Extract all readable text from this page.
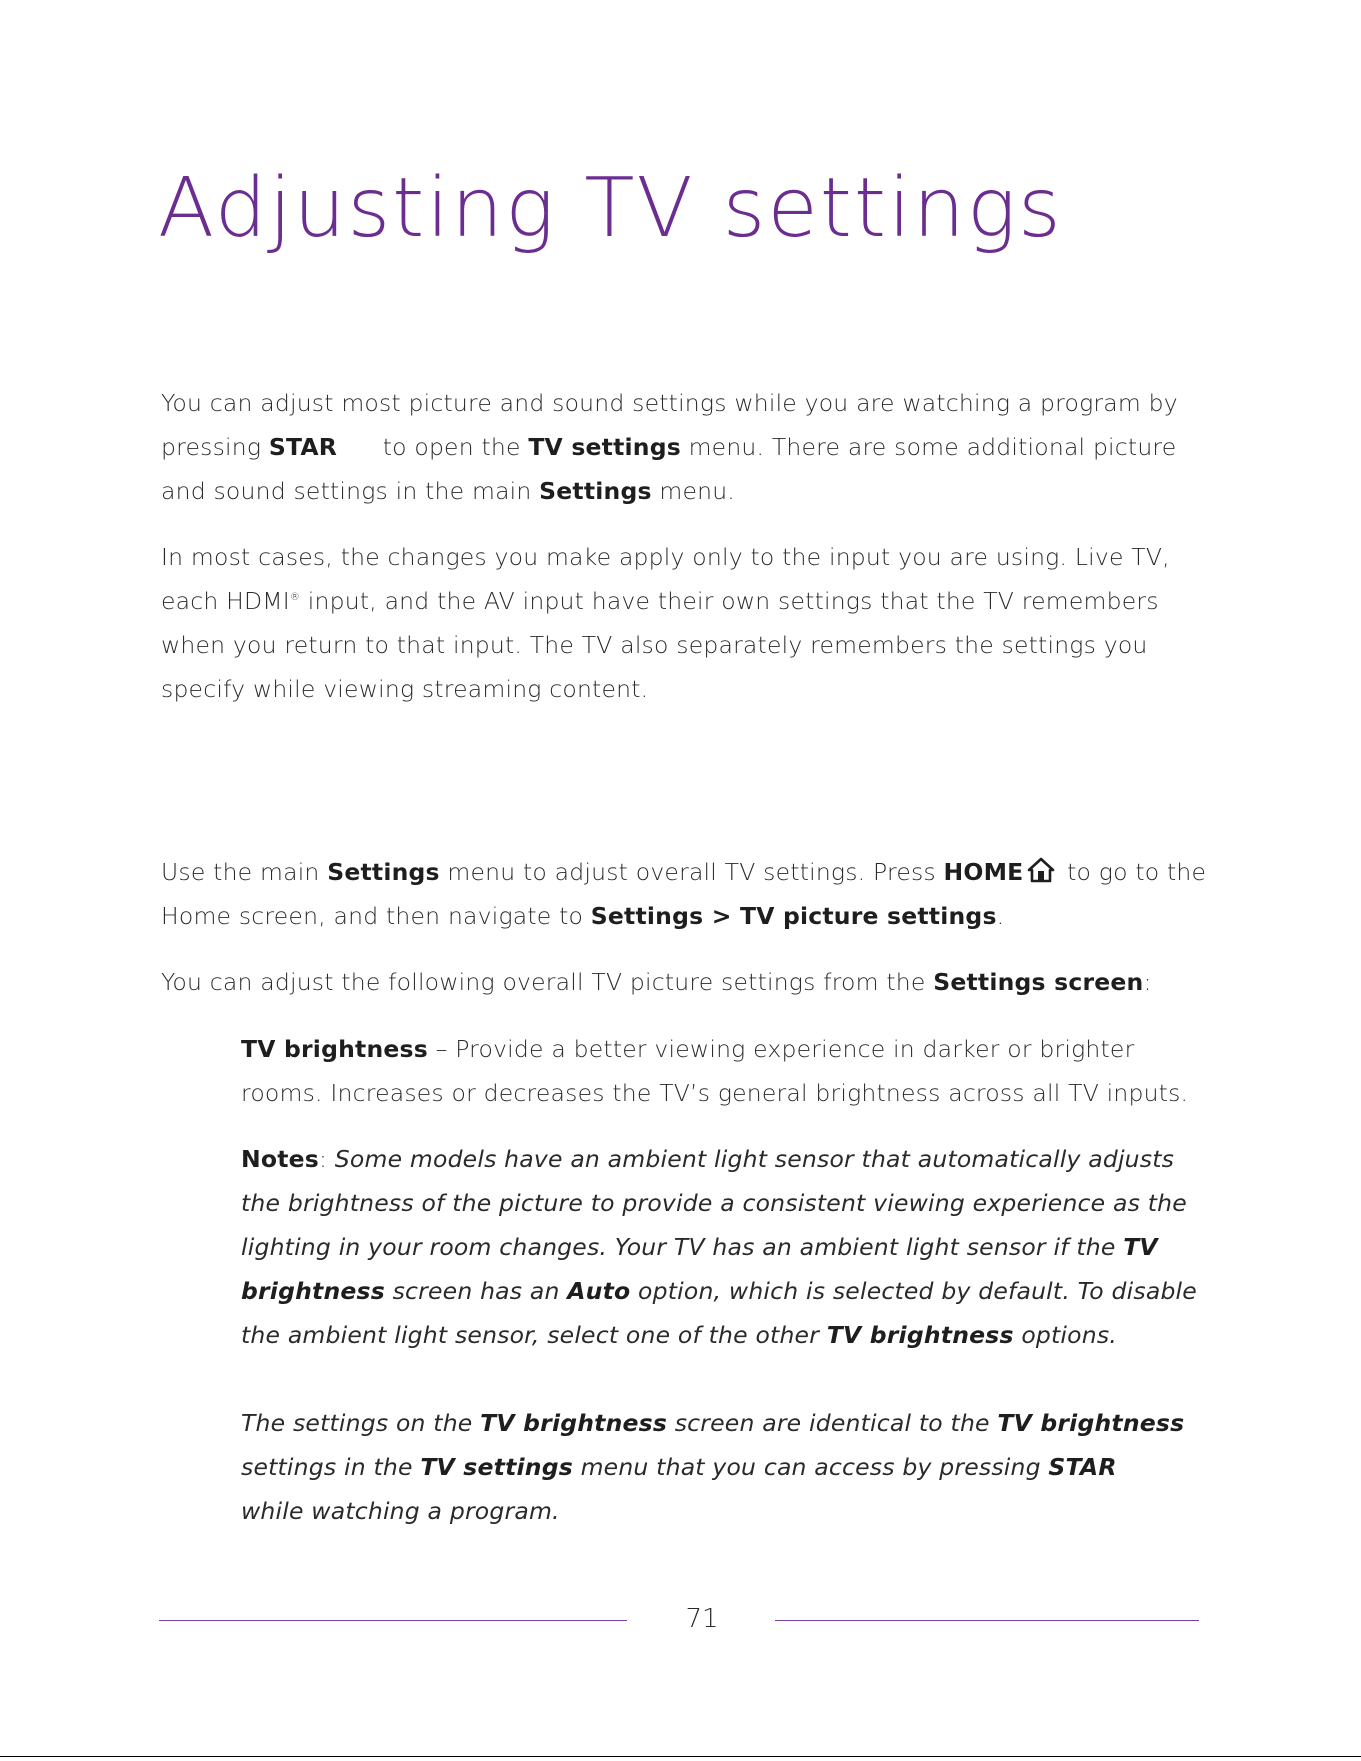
Adjusting TV settings

You can adjust most picture and sound settings while you are watching a program by pressing STAR to open the TV settings menu. There are some additional picture and sound settings in the main Settings menu.

In most cases, the changes you make apply only to the input you are using. Live TV, each HDMI® input, and the AV input have their own settings that the TV remembers when you return to that input. The TV also separately remembers the settings you specify while viewing streaming content.

Use the main Settings menu to adjust overall TV settings. Press HOME to go to the Home screen, and then navigate to Settings > TV picture settings.

You can adjust the following overall TV picture settings from the Settings screen:

TV brightness – Provide a better viewing experience in darker or brighter rooms. Increases or decreases the TV’s general brightness across all TV inputs.

Notes: Some models have an ambient light sensor that automatically adjusts the brightness of the picture to provide a consistent viewing experience as the lighting in your room changes. Your TV has an ambient light sensor if the TV brightness screen has an Auto option, which is selected by default. To disable the ambient light sensor, select one of the other TV brightness options.

The settings on the TV brightness screen are identical to the TV brightness settings in the TV settings menu that you can access by pressing STAR while watching a program.

71
